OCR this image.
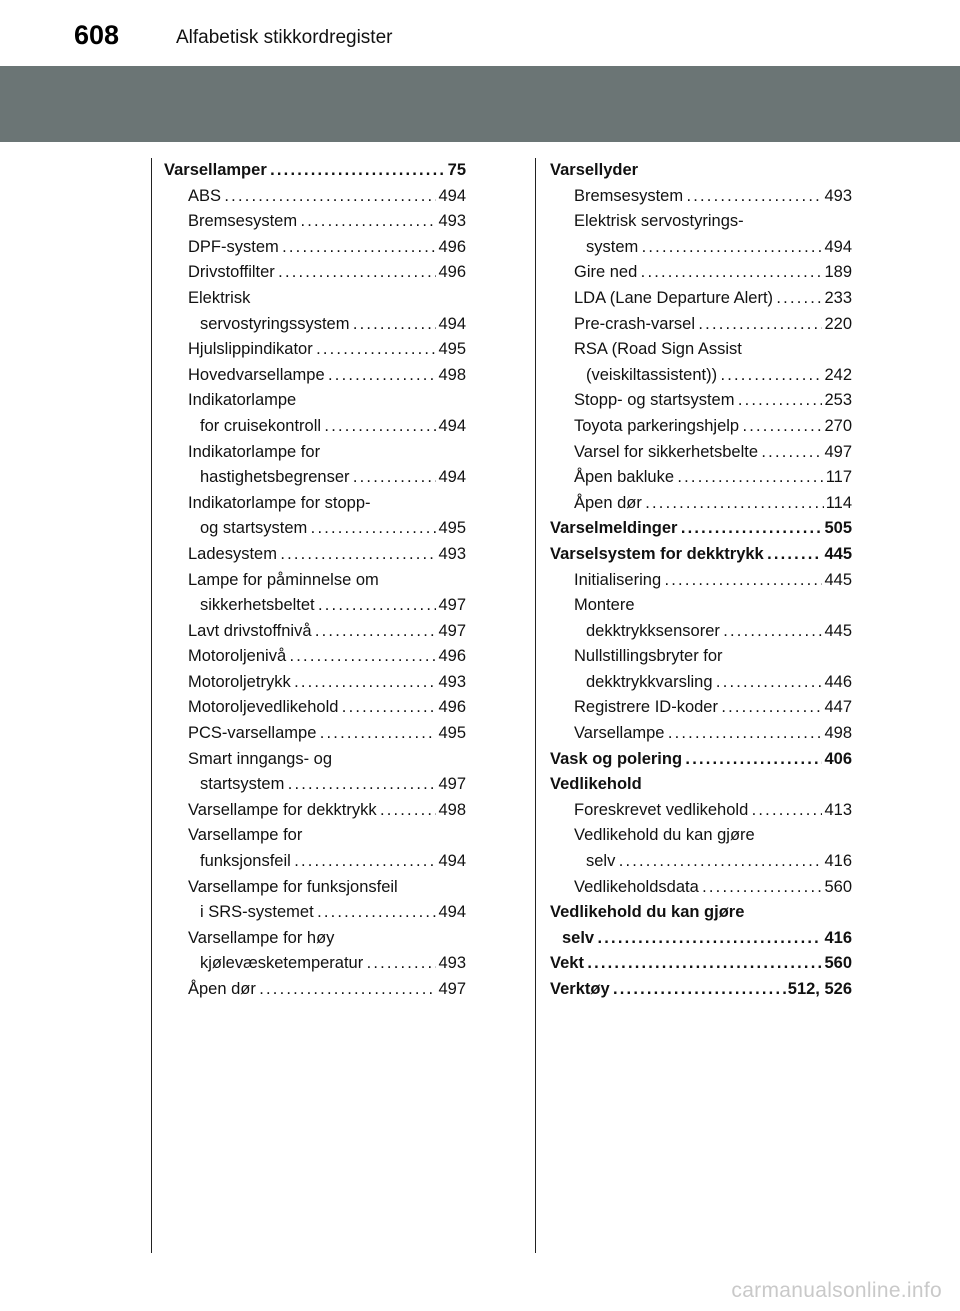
608	Alfabetisk stikkordregister
Varsellamper . . .	75
ABS . . .	494
Bremsesystem . . .	493
DPF-system . . .	496
Drivstoffilter . . .	496
Elektrisk
servostyringssystem . . .	494
Hjulslippindikator . . .	495
Hovedvarsellampe . . .	498
Indikatorlampe
for cruisekontroll . . .	494
Indikatorlampe for
hastighetsbegrenser . . .	494
Indikatorlampe for stopp-
og startsystem . . .	495
Ladesystem . . .	493
Lampe for påminnelse om
sikkerhetsbeltet . . .	497
Lavt drivstoffnivå . . .	497
Motoroljenivå . . .	496
Motoroljetrykk . . .	493
Motoroljevedlikehold . . .	496
PCS-varsellampe . . .	495
Smart inngangs- og
startsystem . . .	497
Varsellampe for dekktrykk . . .	498
Varsellampe for
funksjonsfeil . . .	494
Varsellampe for funksjonsfeil
i SRS-systemet . . .	494
Varsellampe for høy
kjølevæsketemperatur . . .	493
Åpen dør . . .	497
Varsellyder
Bremsesystem . . .	493
Elektrisk servostyrings-
system . . .	494
Gire ned . . .	189
LDA (Lane Departure Alert) . . .	233
Pre-crash-varsel . . .	220
RSA (Road Sign Assist
(veiskiltassistent)) . . .	242
Stopp- og startsystem . . .	253
Toyota parkeringshjelp . . .	270
Varsel for sikkerhetsbelte . . .	497
Åpen bakluke . . .	117
Åpen dør . . .	114
Varselmeldinger . . .	505
Varselsystem for dekktrykk . . .	445
Initialisering . . .	445
Montere
dekktrykksensorer . . .	445
Nullstillingsbryter for
dekktrykkvarsling . . .	446
Registrere ID-koder . . .	447
Varsellampe . . .	498
Vask og polering . . .	406
Vedlikehold
Foreskrevet vedlikehold . . .	413
Vedlikehold du kan gjøre
selv . . .	416
Vedlikeholdsdata . . .	560
Vedlikehold du kan gjøre
selv . . .	416
Vekt . . .	560
Verktøy . . .	512, 526
carmanualsonline.info
